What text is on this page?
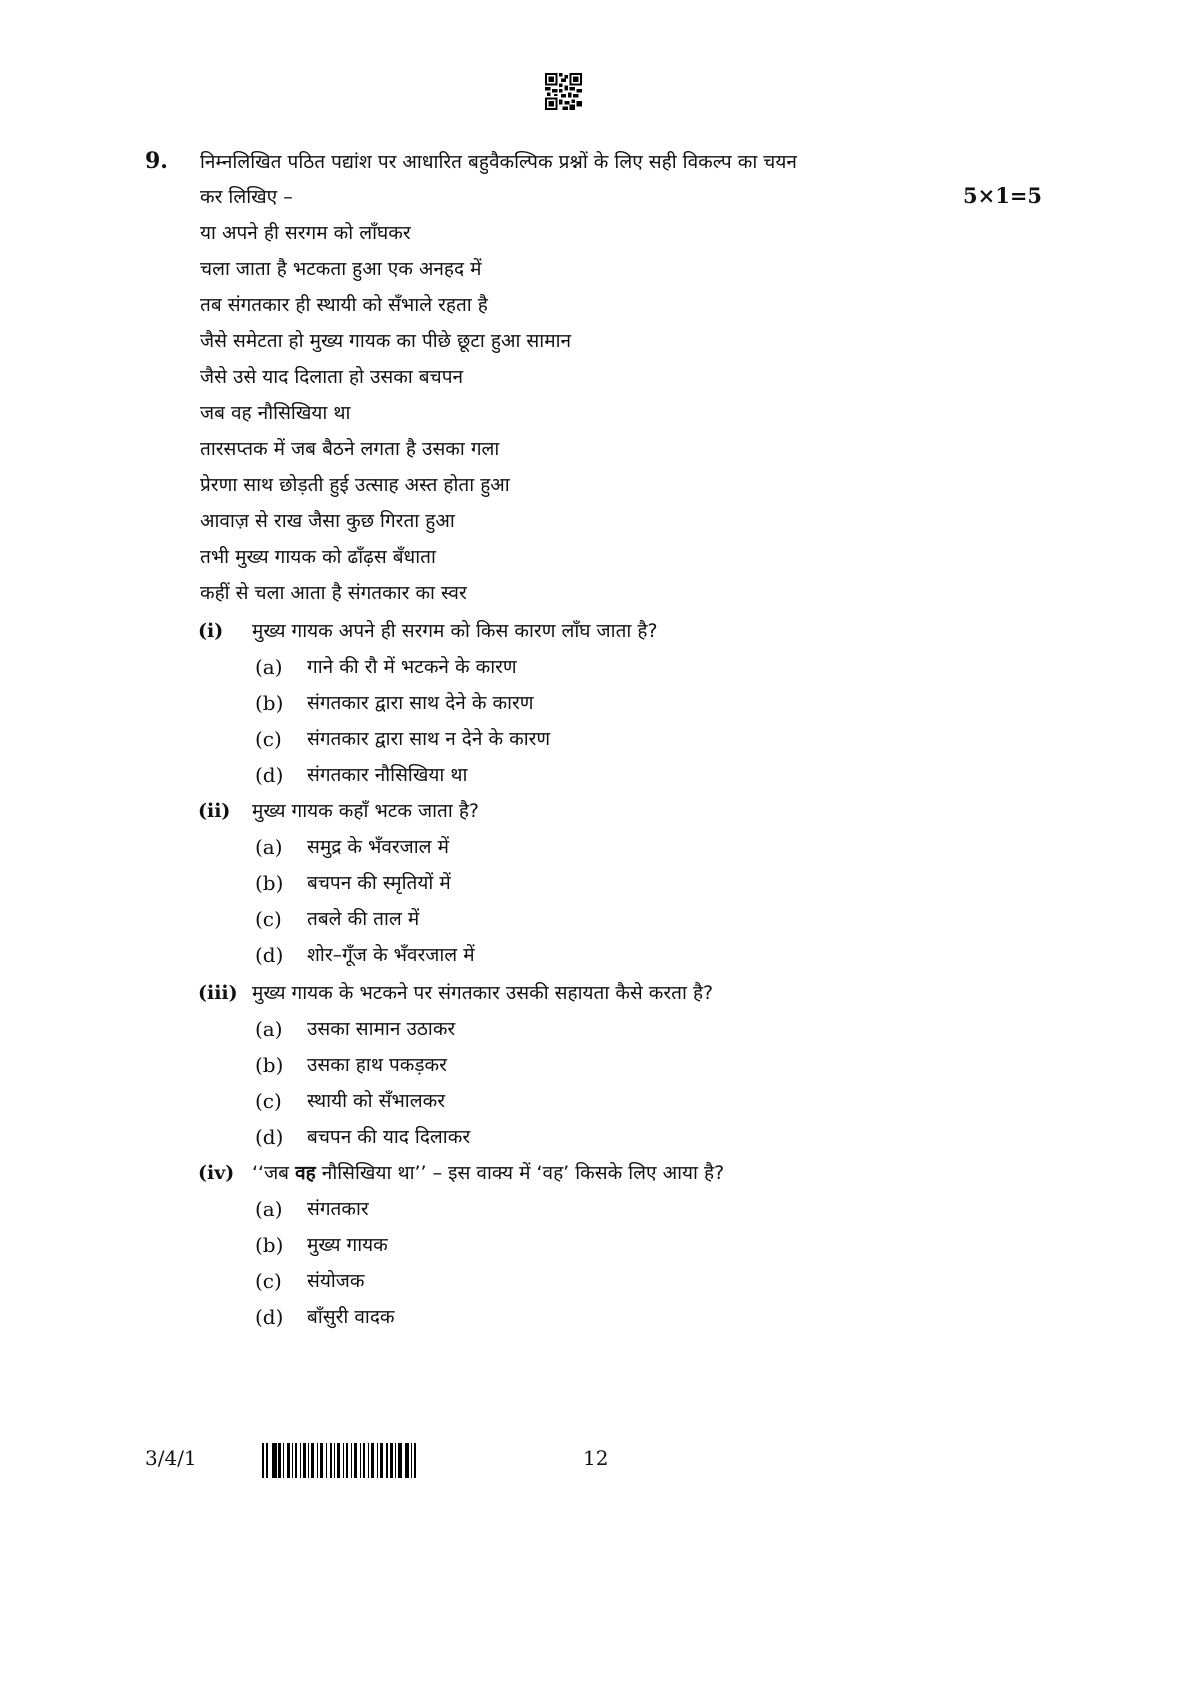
9. निम्नलिखित पठित पद्यांश पर आधारित बहुवैकल्पिक प्रश्नों के लिए सही विकल्प का चयन
कर लिखिए –	5×1=5
या अपने ही सरगम को लाँघकर
चला जाता है भटकता हुआ एक अनहद में
तब संगतकार ही स्थायी को सँभाले रहता है
जैसे समेटता हो मुख्य गायक का पीछे छूटा हुआ सामान
जैसे उसे याद दिलाता हो उसका बचपन
जब वह नौसिखिया था
तारसप्तक में जब बैठने लगता है उसका गला
प्रेरणा साथ छोड़ती हुई उत्साह अस्त होता हुआ
आवाज़ से राख जैसा कुछ गिरता हुआ
तभी मुख्य गायक को ढाँढ़स बँधाता
कहीं से चला आता है संगतकार का स्वर
(i) मुख्य गायक अपने ही सरगम को किस कारण लाँघ जाता है?
(a) गाने की रौ में भटकने के कारण
(b) संगतकार द्वारा साथ देने के कारण
(c) संगतकार द्वारा साथ न देने के कारण
(d) संगतकार नौसिखिया था
(ii) मुख्य गायक कहाँ भटक जाता है?
(a) समुद्र के भँवरजाल में
(b) बचपन की स्मृतियों में
(c) तबले की ताल में
(d) शोर–गूँज के भँवरजाल में
(iii) मुख्य गायक के भटकने पर संगतकार उसकी सहायता कैसे करता है?
(a) उसका सामान उठाकर
(b) उसका हाथ पकड़कर
(c) स्थायी को सँभालकर
(d) बचपन की याद दिलाकर
(iv) ‘‘जब वह नौसिखिया था’’ – इस वाक्य में ‘वह’ किसके लिए आया है?
(a) संगतकार
(b) मुख्य गायक
(c) संयोजक
(d) बाँसुरी वादक
3/4/1	12
